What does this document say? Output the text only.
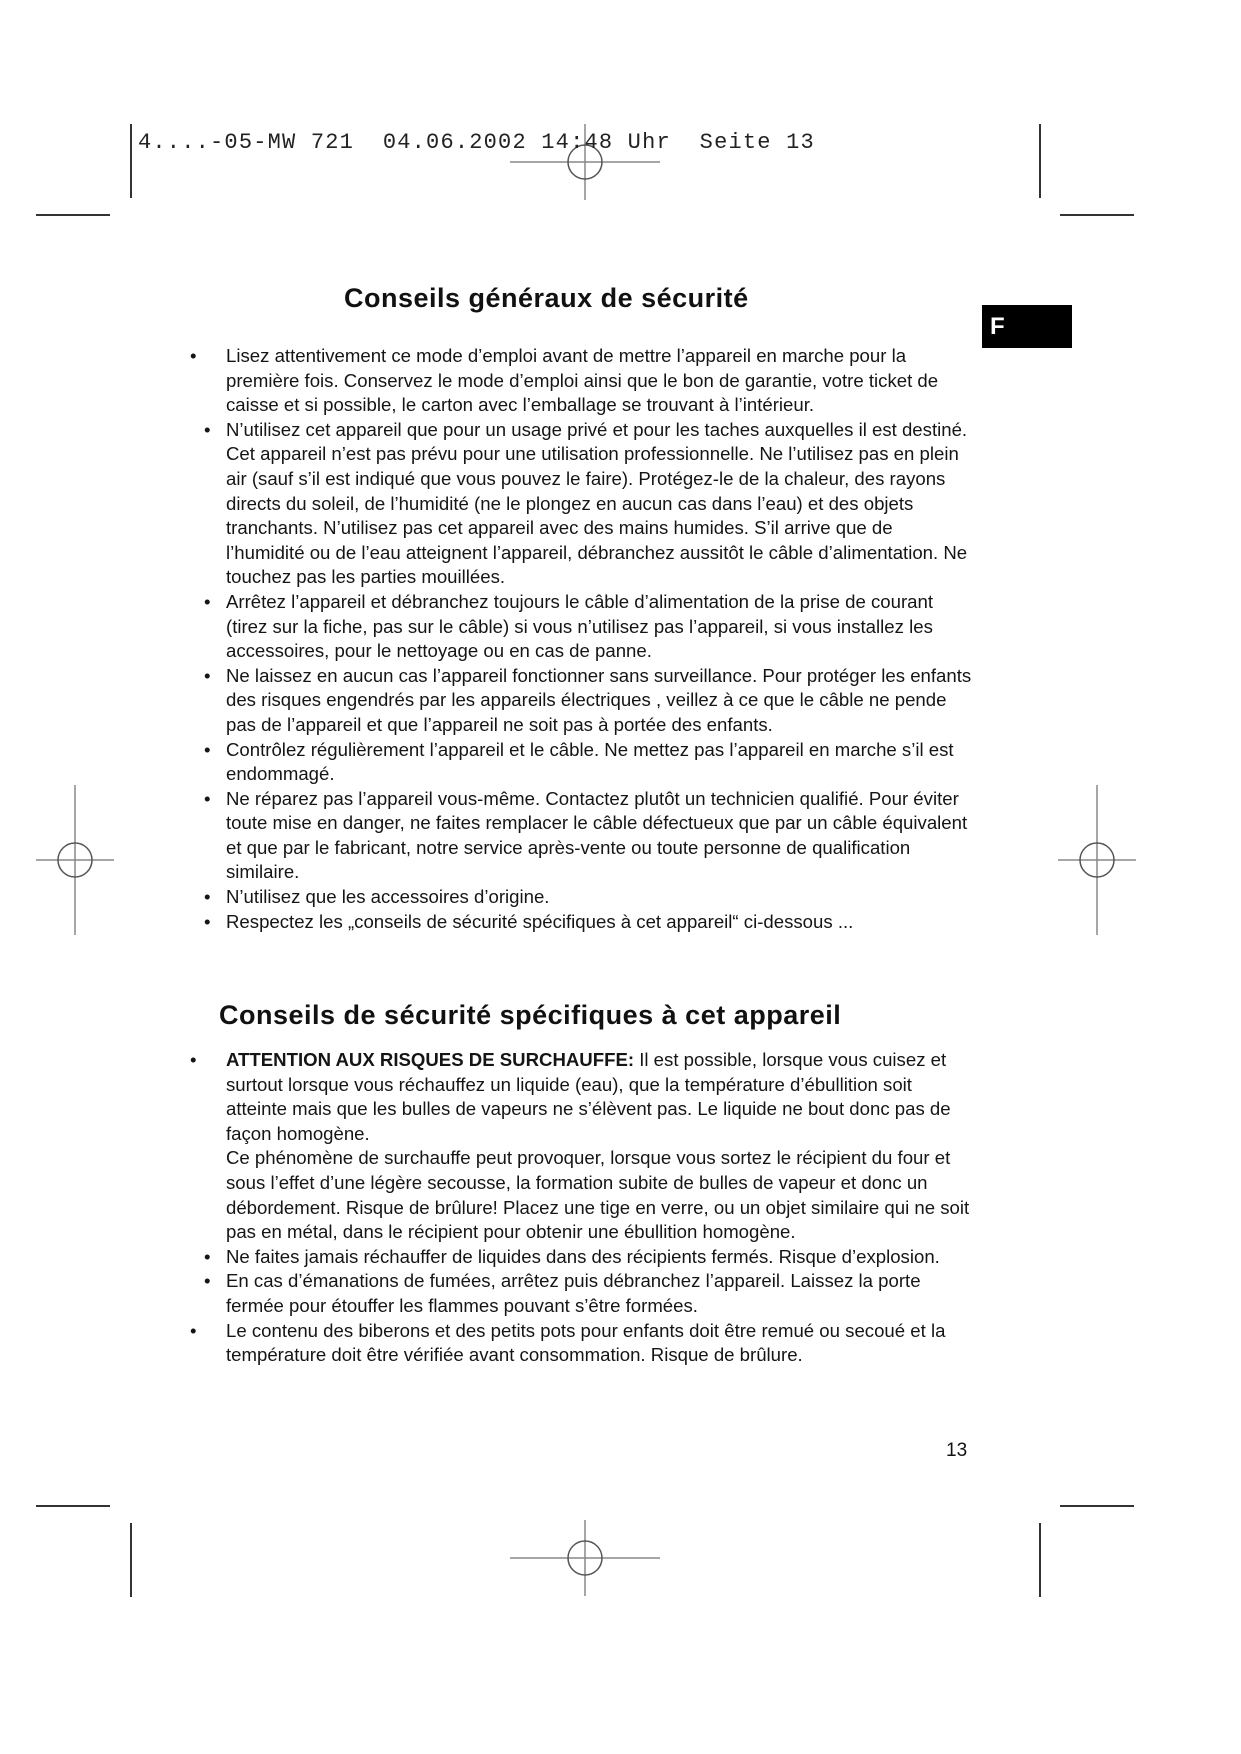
4....-05-MW 721  04.06.2002 14:48 Uhr  Seite 13
F
Conseils généraux de sécurité
• Lisez attentivement ce mode d’emploi avant de mettre l’appareil en marche pour la première fois. Conservez le mode d’emploi ainsi que le bon de garantie, votre ticket de caisse et si possible, le carton avec l’emballage se trouvant à l’intérieur.
• N’utilisez cet appareil que pour un usage privé et pour les taches auxquelles il est destiné. Cet appareil n’est pas prévu pour une utilisation professionnelle. Ne l’utilisez pas en plein air (sauf s’il est indiqué que vous pouvez le faire). Protégez-le de la chaleur, des rayons directs du soleil, de l’humidité (ne le plongez en aucun cas dans l’eau) et des objets tranchants. N’utilisez pas cet appareil avec des mains humides. S’il arrive que de l’humidité ou de l’eau atteignent l’appareil, débranchez aussitôt le câble d’alimentation. Ne touchez pas les parties mouillées.
• Arrêtez l’appareil et débranchez toujours le câble d’alimentation de la prise de courant (tirez sur la fiche, pas sur le câble) si vous n’utilisez pas l’appareil, si vous installez les accessoires, pour le nettoyage ou en cas de panne.
• Ne laissez en aucun cas l’appareil fonctionner sans surveillance. Pour protéger les enfants des risques engendrés par les appareils électriques , veillez à ce que le câble ne pende pas de l’appareil et que l’appareil ne soit pas à portée des enfants.
• Contrôlez régulièrement l’appareil et le câble. Ne mettez pas l’appareil en marche s’il est endommagé.
• Ne réparez pas l’appareil vous-même. Contactez plutôt un technicien qualifié. Pour éviter toute mise en danger, ne faites remplacer le câble défectueux que par un câble équivalent et que par le fabricant, notre service après-vente ou toute personne de qualification similaire.
• N’utilisez que les accessoires d’origine.
• Respectez les „conseils de sécurité spécifiques à cet appareil“ ci-dessous ...
Conseils de sécurité spécifiques à cet appareil

• ATTENTION AUX RISQUES DE SURCHAUFFE: Il est possible, lorsque vous cuisez et surtout lorsque vous réchauffez un liquide (eau), que la température d’ébullition soit atteinte mais que les bulles de vapeurs ne s’élèvent pas. Le liquide ne bout donc pas de façon homogène.

Ce phénomène de surchauffe peut provoquer, lorsque vous sortez le récipient du four et sous l’effet d’une légère secousse, la formation subite de bulles de vapeur et donc un débordement. Risque de brûlure! Placez une tige en verre, ou un objet similaire qui ne soit pas en métal, dans le récipient pour obtenir une ébullition homogène.

• Ne faites jamais réchauffer de liquides dans des récipients fermés. Risque d’explosion.
• En cas d’émanations de fumées, arrêtez puis débranchez l’appareil. Laissez la porte fermée pour étouffer les flammes pouvant s’être formées.
• Le contenu des biberons et des petits pots pour enfants doit être remué ou secoué et la température doit être vérifiée avant consommation. Risque de brûlure.
13
